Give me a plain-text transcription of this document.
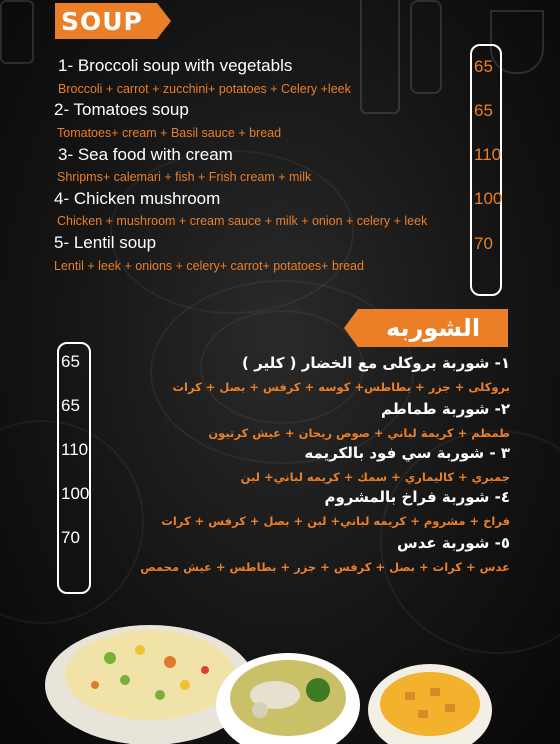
SOUP
1- Broccoli soup with vegetabls
Broccoli + carrot + zucchini+ potatoes + Celery +leek
2- Tomatoes soup
Tomatoes+ cream + Basil sauce + bread
3- Sea food with cream
Shripms+ calemari + fish + Frish cream + milk
4- Chicken mushroom
Chicken + mushroom + cream sauce + milk + onion + celery + leek
5- Lentil soup
Lentil + leek + onions + celery+ carrot+ potatoes+ bread
65
65
110
100
70
الشوربه
65
65
110
100
70
١- شوربة بروكلى مع الخضار ( كلير )
بروكلى + جزر + بطاطس+ كوسه + كرفس + بصل + كرات
٢- شوربة طماطم
طمطم + كريمة لباني + صوص ريحان + عيش كرتيون
٣ - شوربة سي فود بالكريمه
جمبري + كاليماري + سمك + كريمه لباني+ لبن
٤- شوربة فراخ بالمشروم
فراخ + مشروم + كريمه لباني+ لبن + بصل + كرفس + كرات
٥- شوربة عدس
عدس + كرات + بصل + كرفس + جزر + بطاطس + عيش محمص
